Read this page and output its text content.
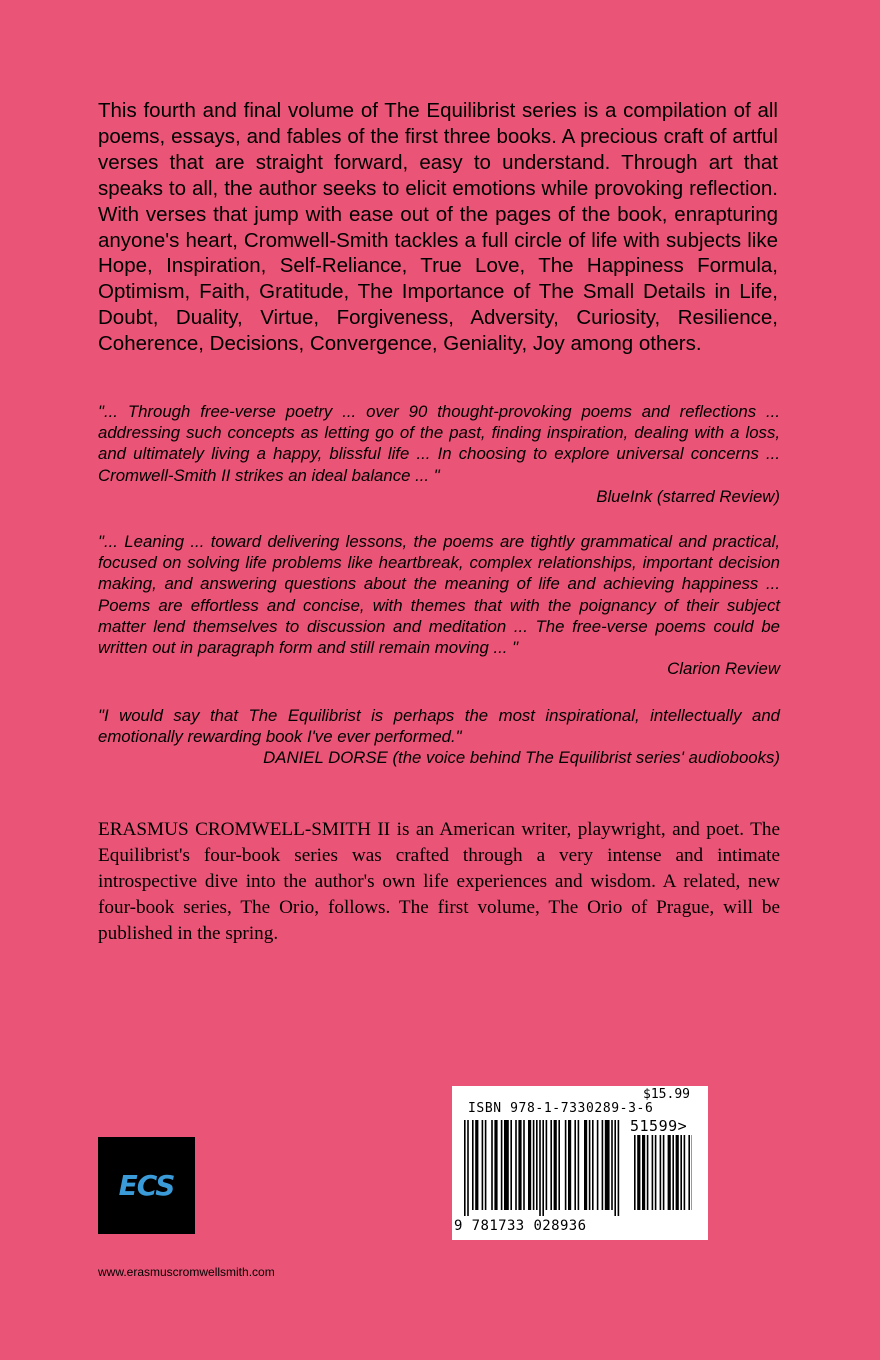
This fourth and final volume of The Equilibrist series is a compilation of all poems, essays, and fables of the first three books. A precious craft of artful verses that are straight forward, easy to understand. Through art that speaks to all, the author seeks to elicit emotions while provoking reflection. With verses that jump with ease out of the pages of the book, enrapturing anyone's heart, Cromwell-Smith tackles a full circle of life with subjects like Hope, Inspiration, Self-Reliance, True Love, The Happiness Formula, Optimism, Faith, Gratitude, The Importance of The Small Details in Life, Doubt, Duality, Virtue, Forgiveness, Adversity, Curiosity, Resilience, Coherence, Decisions, Convergence, Geniality, Joy among others.

"... Through free-verse poetry ... over 90 thought-provoking poems and reflections ... addressing such concepts as letting go of the past, finding inspiration, dealing with a loss, and ultimately living a happy, blissful life ... In choosing to explore universal concerns ... Cromwell-Smith II strikes an ideal balance ... "

BlueInk (starred Review)

"... Leaning ... toward delivering lessons, the poems are tightly grammatical and practical, focused on solving life problems like heartbreak, complex relationships, important decision making, and answering questions about the meaning of life and achieving happiness ... Poems are effortless and concise, with themes that with the poignancy of their subject matter lend themselves to discussion and meditation ... The free-verse poems could be written out in paragraph form and still remain moving ... "

Clarion Review

"I would say that The Equilibrist is perhaps the most inspirational, intellectually and emotionally rewarding book I've ever performed."

DANIEL DORSE (the voice behind The Equilibrist series' audiobooks)

ERASMUS CROMWELL-SMITH II is an American writer, playwright, and poet. The Equilibrist's four-book series was crafted through a very intense and intimate introspective dive into the author's own life experiences and wisdom. A related, new four-book series, The Orio, follows. The first volume, The Orio of Prague, will be published in the spring.

ECS
www.erasmuscromwellsmith.com
$15.99
ISBN 978-1-7330289-3-6
51599>
9 781733 028936
